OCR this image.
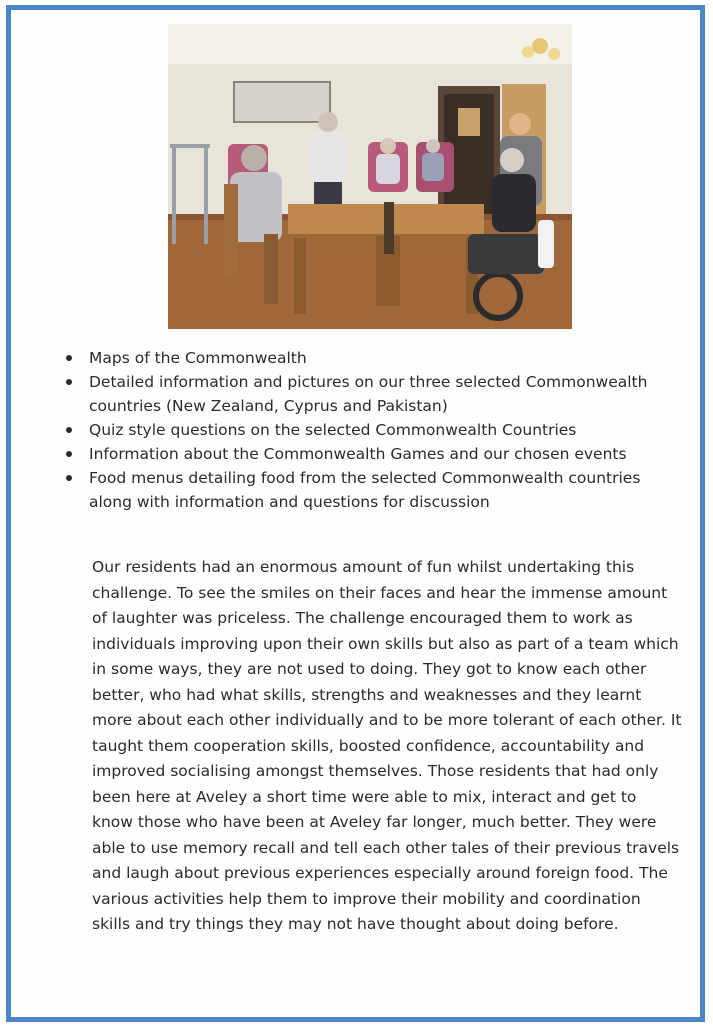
Maps of the Commonwealth
Detailed information and pictures on our three selected Commonwealth countries (New Zealand, Cyprus and Pakistan)
Quiz style questions on the selected Commonwealth Countries
Information about the Commonwealth Games and our chosen events
Food menus detailing food from the selected Commonwealth countries along with information and questions for discussion

Our residents had an enormous amount of fun whilst undertaking this challenge. To see the smiles on their faces and hear the immense amount of laughter was priceless. The challenge encouraged them to work as individuals improving upon their own skills but also as part of a team which in some ways, they are not used to doing. They got to know each other better, who had what skills, strengths and weaknesses and they learnt more about each other individually and to be more tolerant of each other. It taught them cooperation skills, boosted confidence, accountability and improved socialising amongst themselves. Those residents that had only been here at Aveley a short time were able to mix, interact and get to know those who have been at Aveley far longer, much better. They were able to use memory recall and tell each other tales of their previous travels and laugh about previous experiences especially around foreign food. The various activities help them to improve their mobility and coordination skills and try things they may not have thought about doing before.
